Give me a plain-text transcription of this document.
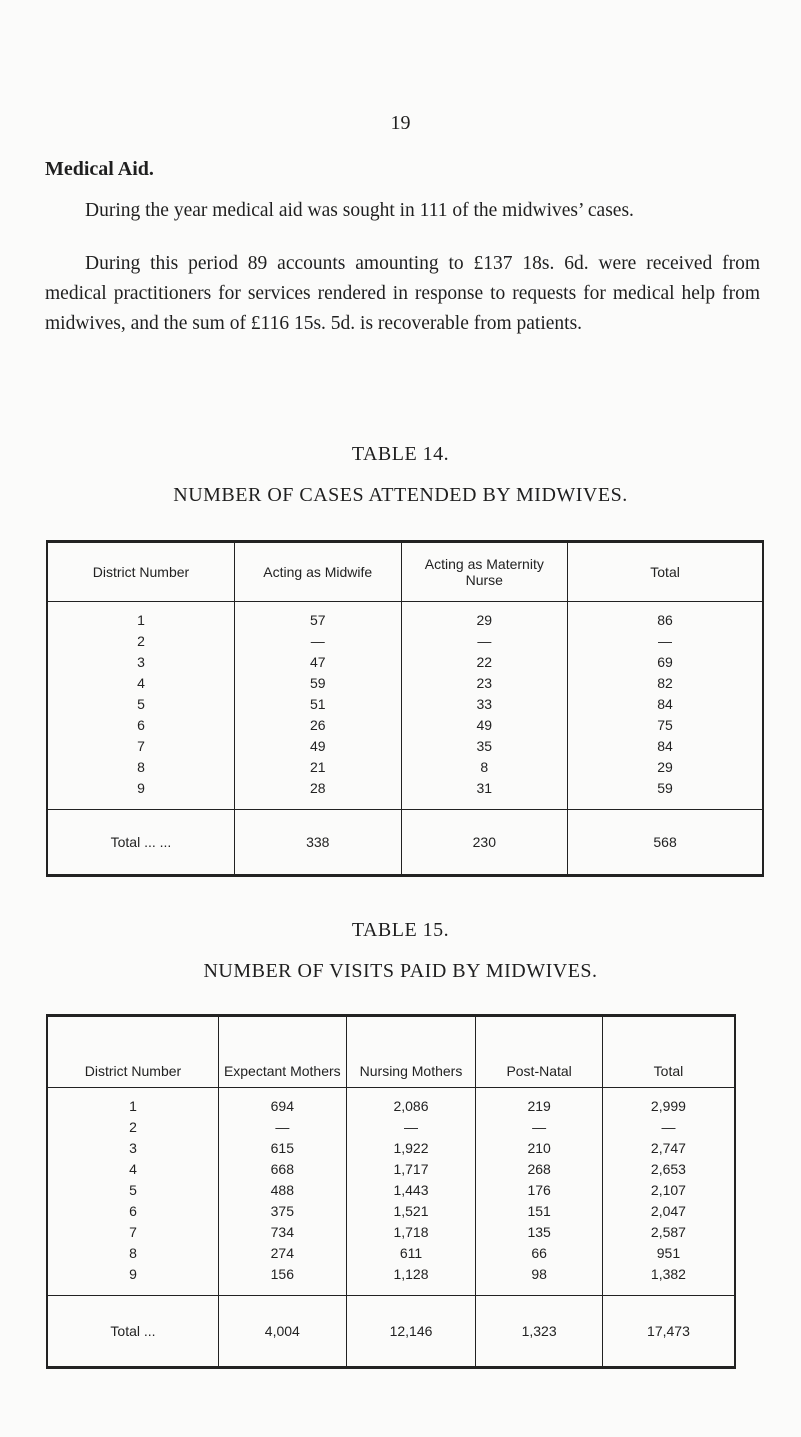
19
Medical Aid.
During the year medical aid was sought in 111 of the midwives’ cases.
During this period 89 accounts amounting to £137 18s. 6d. were received from medical practitioners for services rendered in response to requests for medical help from midwives, and the sum of £116 15s. 5d. is recoverable from patients.
TABLE 14.
NUMBER OF CASES ATTENDED BY MIDWIVES.
District Number	Acting as Midwife	Acting as Maternity Nurse	Total
1	57	29	86
2	—	—	—
3	47	22	69
4	59	23	82
5	51	33	84
6	26	49	75
7	49	35	84
8	21	8	29
9	28	31	59
Total ... ...	338	230	568
TABLE 15.
NUMBER OF VISITS PAID BY MIDWIVES.
District Number	Expectant Mothers	Nursing Mothers	Post-Natal	Total
1	694	2,086	219	2,999
2	—	—	—	—
3	615	1,922	210	2,747
4	668	1,717	268	2,653
5	488	1,443	176	2,107
6	375	1,521	151	2,047
7	734	1,718	135	2,587
8	274	611	66	951
9	156	1,128	98	1,382
Total ...	4,004	12,146	1,323	17,473
